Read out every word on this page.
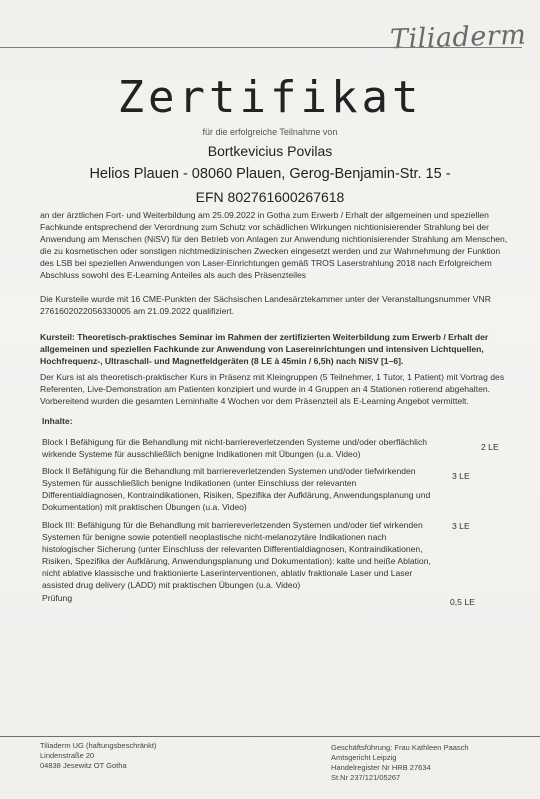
Tiliaderm
Zertifikat
für die erfolgreiche Teilnahme von
Bortkevicius Povilas
Helios Plauen - 08060 Plauen, Gerog-Benjamin-Str. 15 -
EFN 802761600267618
an der ärztlichen Fort- und Weiterbildung am 25.09.2022 in Gotha zum Erwerb / Erhalt der allgemeinen und speziellen Fachkunde entsprechend der Verordnung zum Schutz vor schädlichen Wirkungen nichtionisierender Strahlung bei der Anwendung am Menschen (NiSV) für den Betrieb von Anlagen zur Anwendung nichtionisierender Strahlung am Menschen, die zu kosmetischen oder sonstigen nichtmedizinischen Zwecken eingesetzt werden und zur Wahrnehmung der Funktion des LSB bei speziellen Anwendungen von Laser-Einrichtungen gemäß TROS Laserstrahlung 2018 nach Erfolgreichem Abschluss sowohl des E-Learning Anteiles als auch des Präsenzteiles
Die Kursteile wurde mit 16 CME-Punkten der Sächsischen Landesärztekammer unter der Veranstaltungsnummer VNR 2761602022056330005 am 21.09.2022 qualifiziert.
Kursteil: Theoretisch-praktisches Seminar im Rahmen der zertifizierten Weiterbildung zum Erwerb / Erhalt der allgemeinen und speziellen Fachkunde zur Anwendung von Lasereinrichtungen und intensiven Lichtquellen, Hochfrequenz-, Ultraschall- und Magnetfeldgeräten (8 LE à 45min / 6,5h) nach NiSV [1–6].
Der Kurs ist als theoretisch-praktischer Kurs in Präsenz mit Kleingruppen (5 Teilnehmer, 1 Tutor, 1 Patient) mit Vortrag des Referenten, Live-Demonstration am Patienten konzipiert und wurde in 4 Gruppen an 4 Stationen rotierend abgehalten. Vorbereitend wurden die gesamten Lerninhalte 4 Wochen vor dem Präsenzteil als E-Learning Angebot vermittelt.
Inhalte:
Block I Befähigung für die Behandlung mit nicht-barriereverletzenden Systeme und/oder oberflächlich wirkende Systeme für ausschließlich benigne Indikationen mit Übungen (u.a. Video)
2 LE
Block II Befähigung für die Behandlung mit barriereverletzenden Systemen und/oder tiefwirkenden Systemen für ausschließlich benigne Indikationen (unter Einschluss der relevanten Differentialdiagnosen, Kontraindikationen, Risiken, Spezifika der Aufklärung, Anwendungsplanung und Dokumentation) mit praktischen Übungen (u.a. Video)
3 LE
Block III: Befähigung für die Behandlung mit barriereverletzenden Systemen und/oder tief wirkenden Systemen für benigne sowie potentiell neoplastische nicht-melanozytäre Indikationen nach histologischer Sicherung (unter Einschluss der relevanten Differentialdiagnosen, Kontraindikationen, Risiken, Spezifika der Aufklärung, Anwendungsplanung und Dokumentation): kalte und heiße Ablation, nicht ablative klassische und fraktionierte Laserinterventionen, ablativ fraktionale Laser und Laser assisted drug delivery (LADD) mit praktischen Übungen (u.a. Video)
3 LE
Prüfung	0,5 LE
Tiliaderm UG (haftungsbeschränkt)
Lindenstraße 20
04838 Jesewitz OT Gotha
Geschäftsführung: Frau Kathleen Paasch
Amtsgericht Leipzig
Handelregister Nr HRB 27634
St.Nr 237/121/05267
